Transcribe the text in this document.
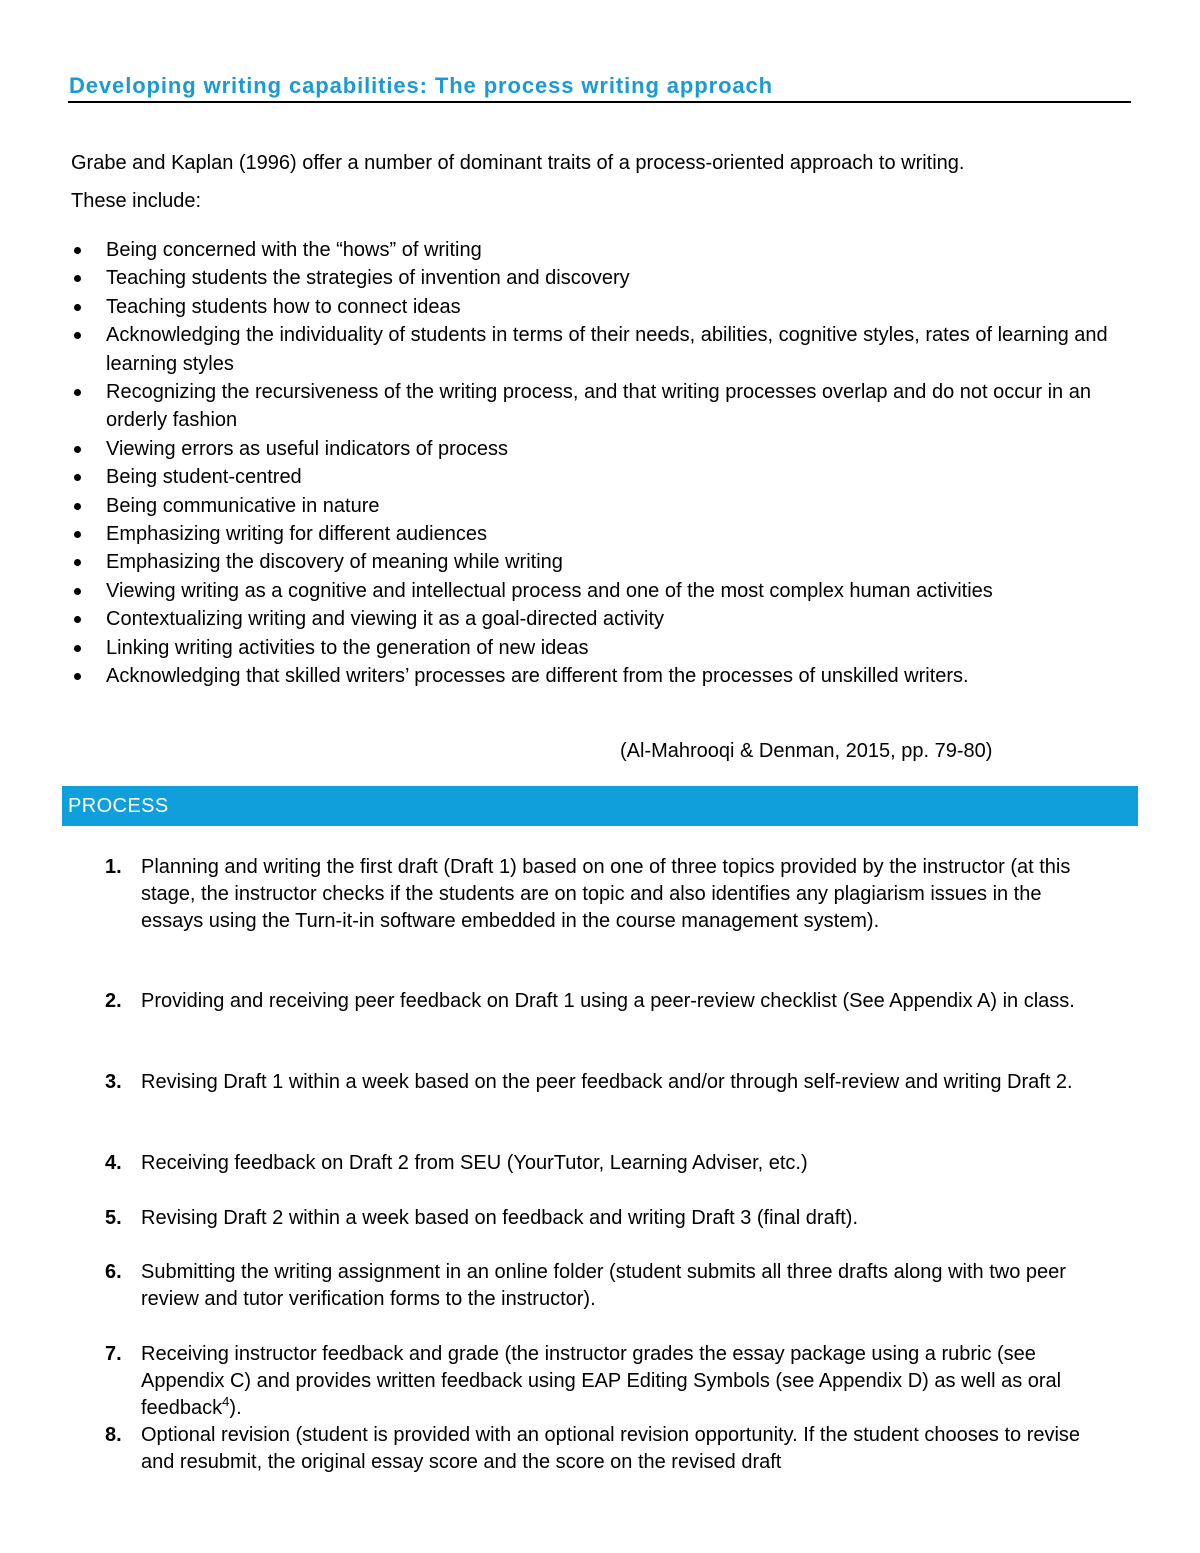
Developing writing capabilities: The process writing approach

Grabe and Kaplan (1996) offer a number of dominant traits of a process-oriented approach to writing.
These include:

Being concerned with the “hows” of writing
Teaching students the strategies of invention and discovery
Teaching students how to connect ideas
Acknowledging the individuality of students in terms of their needs, abilities, cognitive styles, rates of learning and learning styles
Recognizing the recursiveness of the writing process, and that writing processes overlap and do not occur in an orderly fashion
Viewing errors as useful indicators of process
Being student-centred
Being communicative in nature
Emphasizing writing for different audiences
Emphasizing the discovery of meaning while writing
Viewing writing as a cognitive and intellectual process and one of the most complex human activities
Contextualizing writing and viewing it as a goal-directed activity
Linking writing activities to the generation of new ideas
Acknowledging that skilled writers’ processes are different from the processes of unskilled writers.
(Al-Mahrooqi & Denman, 2015, pp. 79-80)
PROCESS
1. Planning and writing the first draft (Draft 1) based on one of three topics provided by the instructor (at this stage, the instructor checks if the students are on topic and also identifies any plagiarism issues in the essays using the Turn-it-in software embedded in the course management system).
2. Providing and receiving peer feedback on Draft 1 using a peer-review checklist (See Appendix A) in class.
3. Revising Draft 1 within a week based on the peer feedback and/or through self-review and writing Draft 2.
4. Receiving feedback on Draft 2 from SEU (YourTutor, Learning Adviser, etc.)
5. Revising Draft 2 within a week based on feedback and writing Draft 3 (final draft).
6. Submitting the writing assignment in an online folder (student submits all three drafts along with two peer review and tutor verification forms to the instructor).
7. Receiving instructor feedback and grade (the instructor grades the essay package using a rubric (see Appendix C) and provides written feedback using EAP Editing Symbols (see Appendix D) as well as oral feedback$^4$).
8. Optional revision (student is provided with an optional revision opportunity. If the student chooses to revise and resubmit, the original essay score and the score on the revised draft
